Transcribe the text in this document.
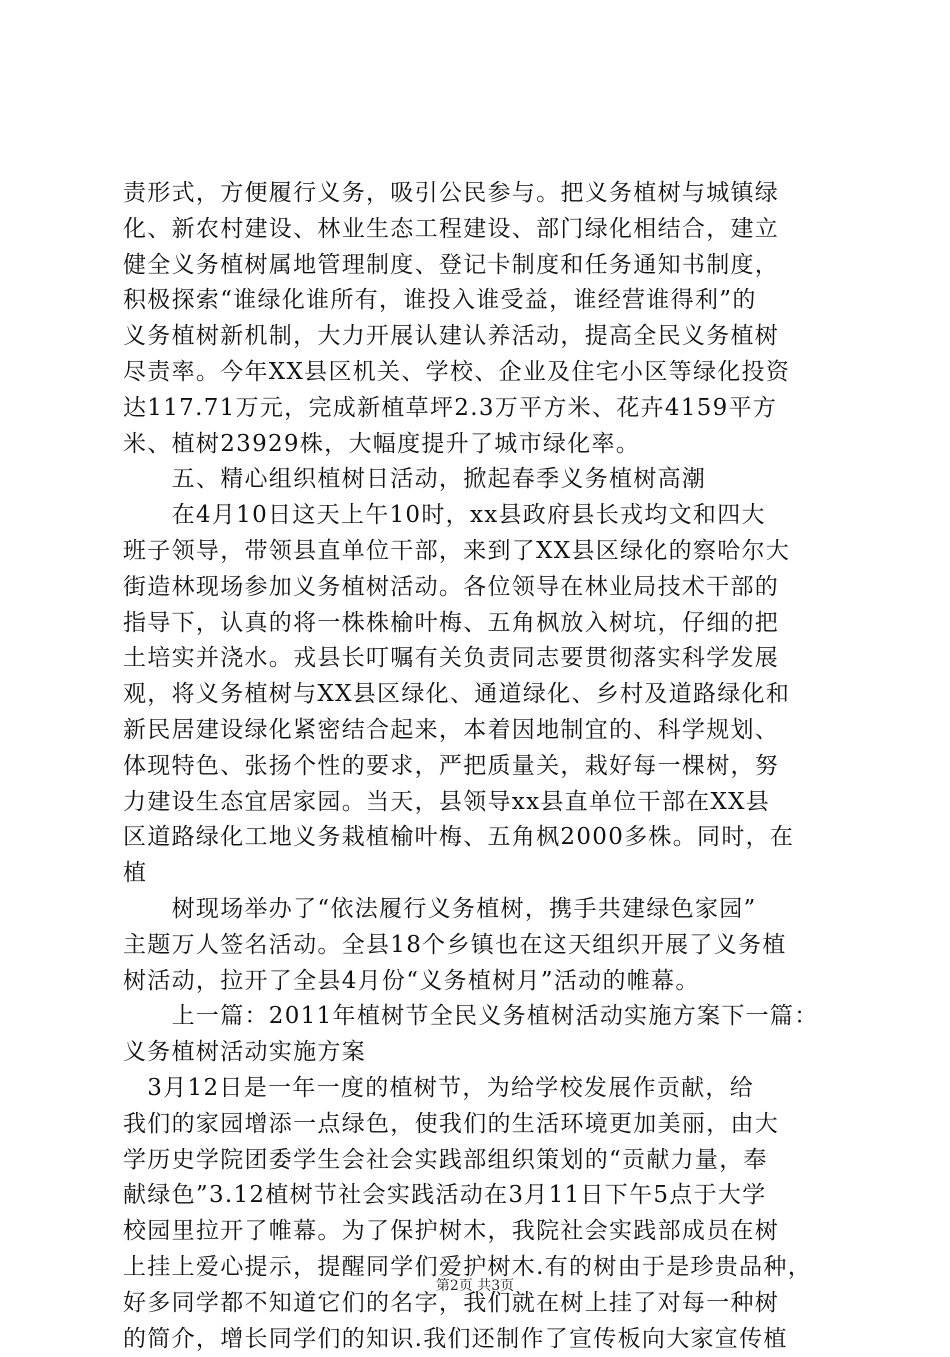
责形式，方便履行义务，吸引公民参与。把义务植树与城镇绿
化、新农村建设、林业生态工程建设、部门绿化相结合，建立
健全义务植树属地管理制度、登记卡制度和任务通知书制度，
积极探索“谁绿化谁所有，谁投入谁受益，谁经营谁得利”的
义务植树新机制，大力开展认建认养活动，提高全民义务植树
尽责率。今年XX县区机关、学校、企业及住宅小区等绿化投资
达117.71万元，完成新植草坪2.3万平方米、花卉4159平方
米、植树23929株，大幅度提升了城市绿化率。
　　五、精心组织植树日活动，掀起春季义务植树高潮
　　在4月10日这天上午10时，xx县政府县长戎均文和四大
班子领导，带领县直单位干部，来到了XX县区绿化的察哈尔大
街造林现场参加义务植树活动。各位领导在林业局技术干部的
指导下，认真的将一株株榆叶梅、五角枫放入树坑，仔细的把
土培实并浇水。戎县长叮嘱有关负责同志要贯彻落实科学发展
观，将义务植树与XX县区绿化、通道绿化、乡村及道路绿化和
新民居建设绿化紧密结合起来，本着因地制宜的、科学规划、
体现特色、张扬个性的要求，严把质量关，栽好每一棵树，努
力建设生态宜居家园。当天，县领导xx县直单位干部在XX县
区道路绿化工地义务栽植榆叶梅、五角枫2000多株。同时，在
植
　　树现场举办了“依法履行义务植树，携手共建绿色家园”
主题万人签名活动。全县18个乡镇也在这天组织开展了义务植
树活动，拉开了全县4月份“义务植树月”活动的帷幕。
　　上一篇：2011年植树节全民义务植树活动实施方案下一篇：
义务植树活动实施方案
　3月12日是一年一度的植树节，为给学校发展作贡献，给
我们的家园增添一点绿色，使我们的生活环境更加美丽，由大
学历史学院团委学生会社会实践部组织策划的“贡献力量，奉
献绿色”3.12植树节社会实践活动在3月11日下午5点于大学
校园里拉开了帷幕。为了保护树木，我院社会实践部成员在树
上挂上爱心提示，提醒同学们爱护树木.有的树由于是珍贵品种，
好多同学都不知道它们的名字，我们就在树上挂了对每一种树
的简介，增长同学们的知识.我们还制作了宣传板向大家宣传植
第2页 共3页
